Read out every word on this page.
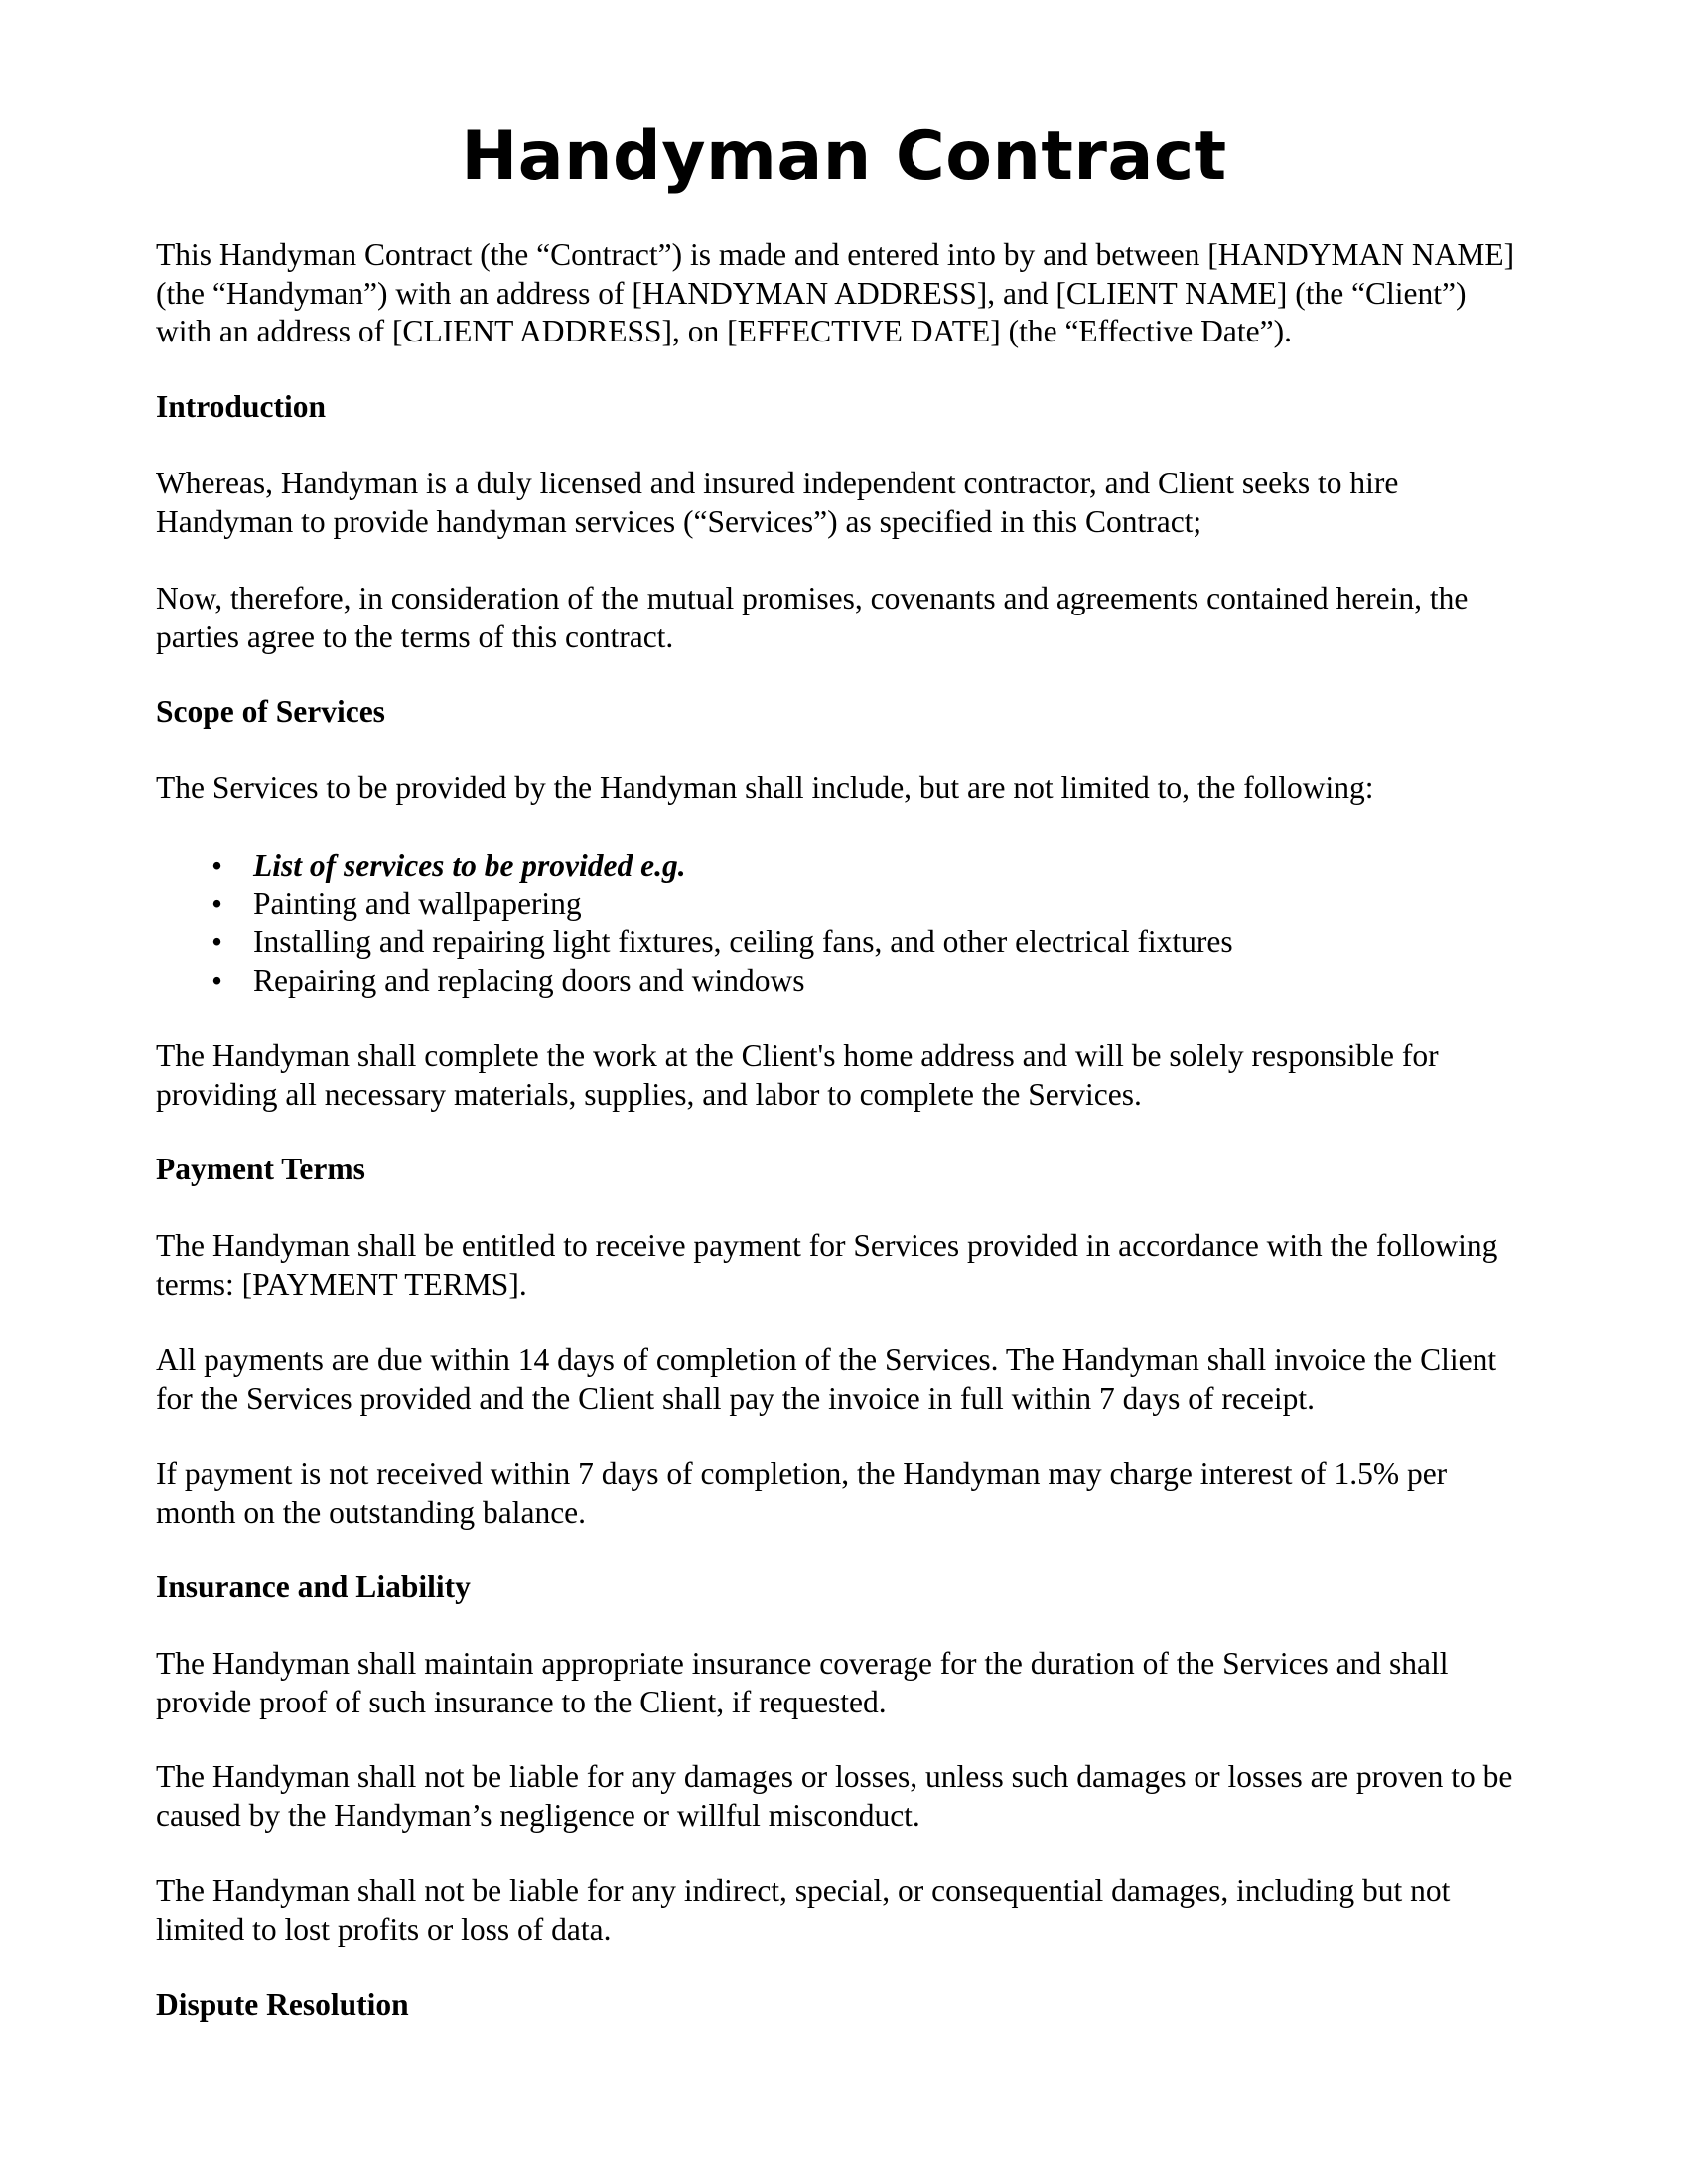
Handyman Contract

This Handyman Contract (the “Contract”) is made and entered into by and between [HANDYMAN NAME]
(the “Handyman”) with an address of [HANDYMAN ADDRESS], and [CLIENT NAME] (the “Client”)
with an address of [CLIENT ADDRESS], on [EFFECTIVE DATE] (the “Effective Date”).

Introduction

Whereas, Handyman is a duly licensed and insured independent contractor, and Client seeks to hire
Handyman to provide handyman services (“Services”) as specified in this Contract;

Now, therefore, in consideration of the mutual promises, covenants and agreements contained herein, the
parties agree to the terms of this contract.

Scope of Services

The Services to be provided by the Handyman shall include, but are not limited to, the following:

• List of services to be provided e.g.
• Painting and wallpapering
• Installing and repairing light fixtures, ceiling fans, and other electrical fixtures
• Repairing and replacing doors and windows

The Handyman shall complete the work at the Client's home address and will be solely responsible for
providing all necessary materials, supplies, and labor to complete the Services.

Payment Terms

The Handyman shall be entitled to receive payment for Services provided in accordance with the following
terms: [PAYMENT TERMS].

All payments are due within 14 days of completion of the Services. The Handyman shall invoice the Client
for the Services provided and the Client shall pay the invoice in full within 7 days of receipt.

If payment is not received within 7 days of completion, the Handyman may charge interest of 1.5% per
month on the outstanding balance.

Insurance and Liability

The Handyman shall maintain appropriate insurance coverage for the duration of the Services and shall
provide proof of such insurance to the Client, if requested.

The Handyman shall not be liable for any damages or losses, unless such damages or losses are proven to be
caused by the Handyman’s negligence or willful misconduct.

The Handyman shall not be liable for any indirect, special, or consequential damages, including but not
limited to lost profits or loss of data.

Dispute Resolution
